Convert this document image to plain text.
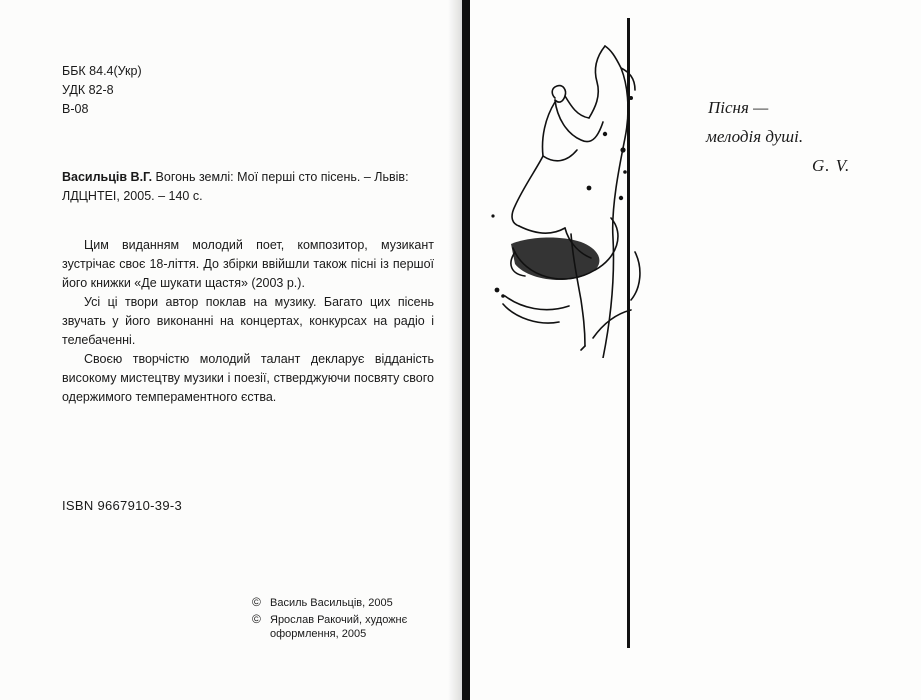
ББК 84.4(Укр)
УДК 82-8
В-08
Васильців В.Г. Вогонь землі: Мої перші сто пісень. – Львів: ЛДЦНТЕІ, 2005. – 140 с.

Цим виданням молодий поет, композитор, музикант зустрічає своє 18-ліття. До збірки ввійшли також пісні із першої його книжки «Де шукати щастя» (2003 р.).

Усі ці твори автор поклав на музику. Багато цих пісень звучать у його виконанні на концертах, конкурсах на радіо і телебаченні.

Своєю творчістю молодий талант декларує відданість високому мистецтву музики і поезії, стверджуючи посвяту свого одержимого темпераментного єства.

ISBN 9667910-39-3
© Василь Васильців, 2005
© Ярослав Ракочий, художнє оформлення, 2005
Пісня —
мелодія душі.
G. V.
